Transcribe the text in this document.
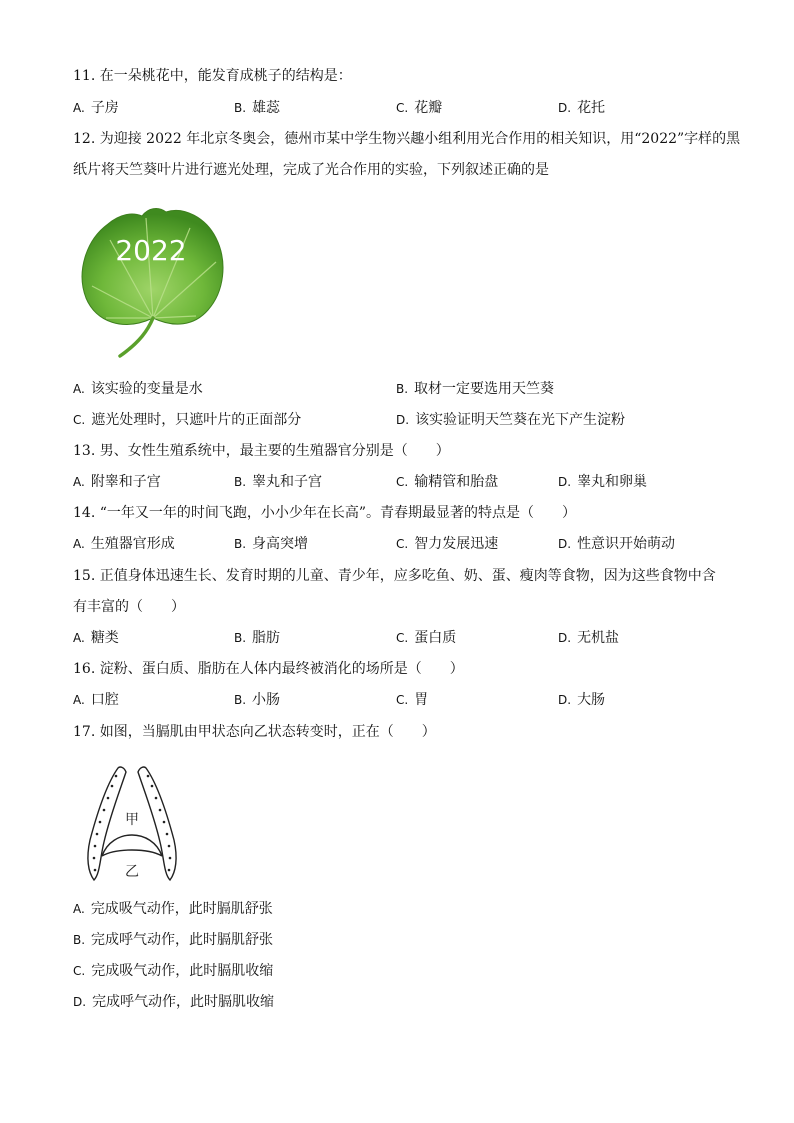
11. 在一朵桃花中，能发育成桃子的结构是：
A. 子房	B. 雄蕊	C. 花瓣	D. 花托
12. 为迎接 2022 年北京冬奥会，德州市某中学生物兴趣小组利用光合作用的相关知识，用“2022”字样的黑
纸片将天竺葵叶片进行遮光处理，完成了光合作用的实验，下列叙述正确的是
2022
A. 该实验的变量是水	B. 取材一定要选用天竺葵
C. 遮光处理时，只遮叶片的正面部分	D. 该实验证明天竺葵在光下产生淀粉
13. 男、女性生殖系统中，最主要的生殖器官分别是（　　）
A. 附睾和子宫	B. 睾丸和子宫	C. 输精管和胎盘	D. 睾丸和卵巢
14. “一年又一年的时间飞跑，小小少年在长高”。青春期最显著的特点是（　　）
A. 生殖器官形成	B. 身高突增	C. 智力发展迅速	D. 性意识开始萌动
15. 正值身体迅速生长、发育时期的儿童、青少年，应多吃鱼、奶、蛋、瘦肉等食物，因为这些食物中含
有丰富的（　　）
A. 糖类	B. 脂肪	C. 蛋白质	D. 无机盐
16. 淀粉、蛋白质、脂肪在人体内最终被消化的场所是（　　）
A. 口腔	B. 小肠	C. 胃	D. 大肠
17. 如图，当膈肌由甲状态向乙状态转变时，正在（　　）
甲
乙
A. 完成吸气动作，此时膈肌舒张
B. 完成呼气动作，此时膈肌舒张
C. 完成吸气动作，此时膈肌收缩
D. 完成呼气动作，此时膈肌收缩
